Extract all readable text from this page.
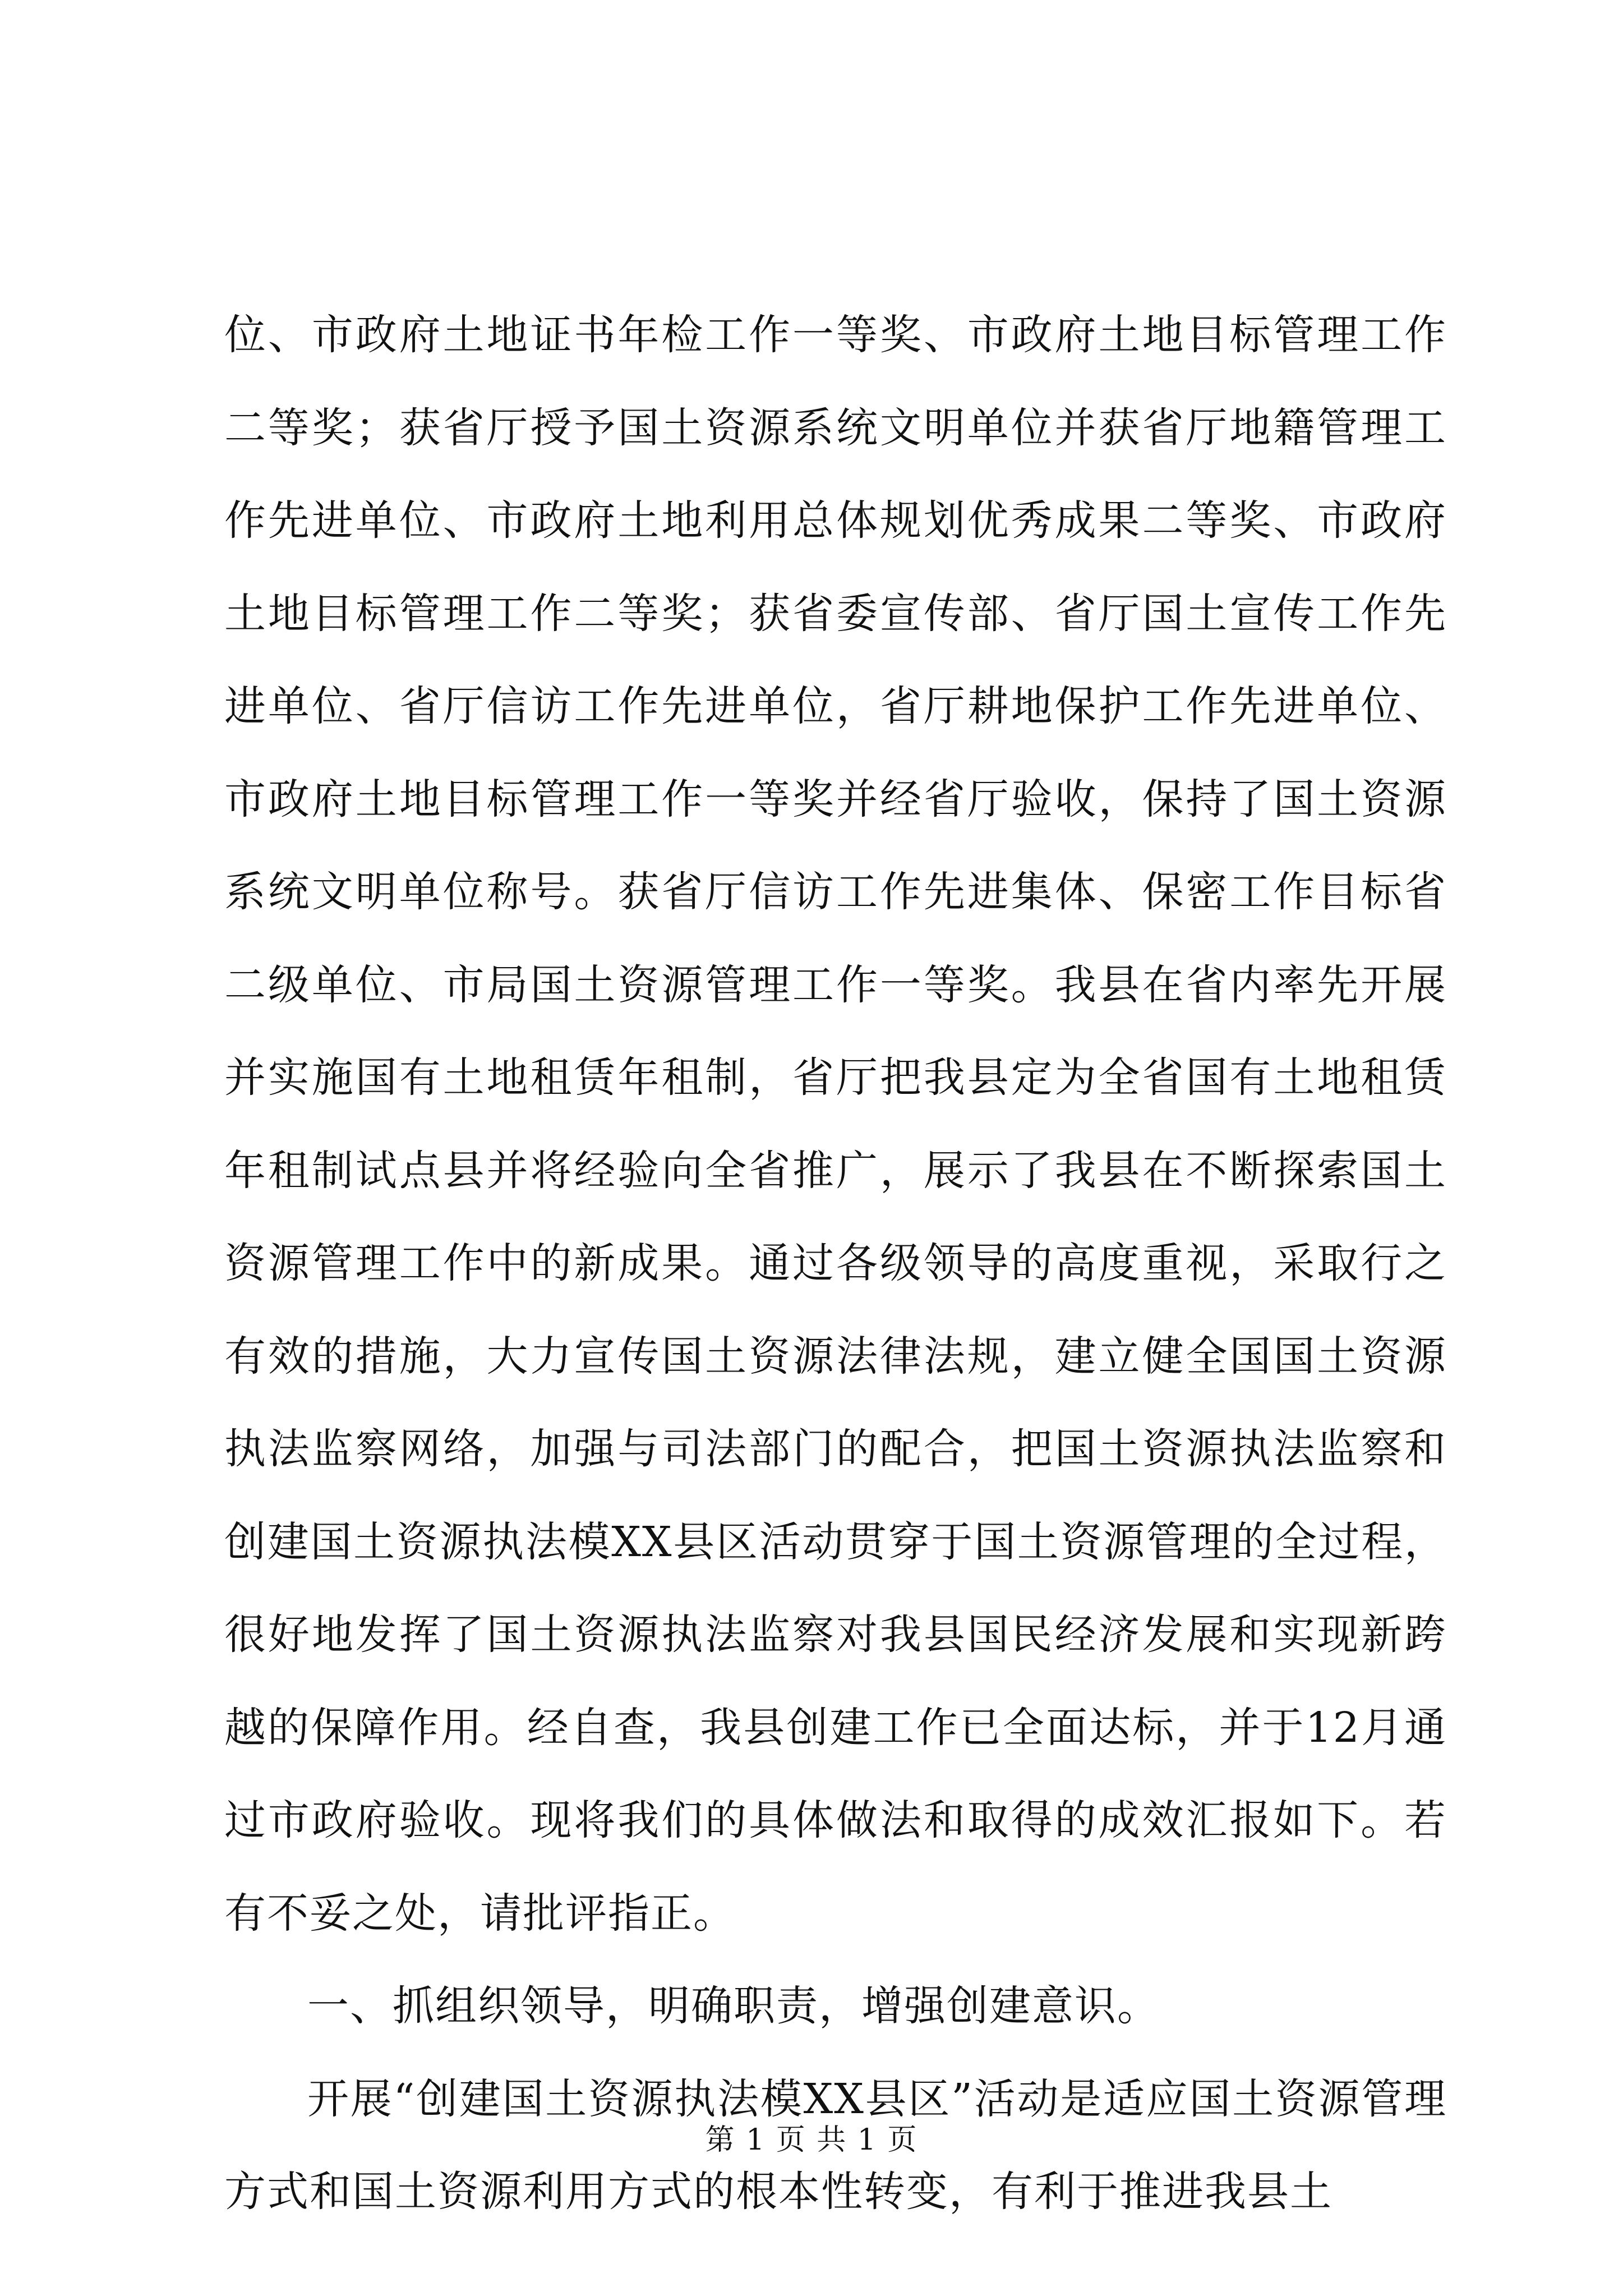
位、市政府土地证书年检工作一等奖、市政府土地目标管理工作二等奖；获省厅授予国土资源系统文明单位并获省厅地籍管理工作先进单位、市政府土地利用总体规划优秀成果二等奖、市政府土地目标管理工作二等奖；获省委宣传部、省厅国土宣传工作先进单位、省厅信访工作先进单位，省厅耕地保护工作先进单位、市政府土地目标管理工作一等奖并经省厅验收，保持了国土资源系统文明单位称号。获省厅信访工作先进集体、保密工作目标省二级单位、市局国土资源管理工作一等奖。我县在省内率先开展并实施国有土地租赁年租制，省厅把我县定为全省国有土地租赁年租制试点县并将经验向全省推广，展示了我县在不断探索国土资源管理工作中的新成果。通过各级领导的高度重视，采取行之有效的措施，大力宣传国土资源法律法规，建立健全国国土资源执法监察网络，加强与司法部门的配合，把国土资源执法监察和创建国土资源执法模XX县区活动贯穿于国土资源管理的全过程，很好地发挥了国土资源执法监察对我县国民经济发展和实现新跨越的保障作用。经自查，我县创建工作已全面达标，并于12月通过市政府验收。现将我们的具体做法和取得的成效汇报如下。若有不妥之处，请批评指正。

一、抓组织领导，明确职责，增强创建意识。

开展“创建国土资源执法模XX县区”活动是适应国土资源管理方式和国土资源利用方式的根本性转变，有利于推进我县土

第 1 页 共 1 页
